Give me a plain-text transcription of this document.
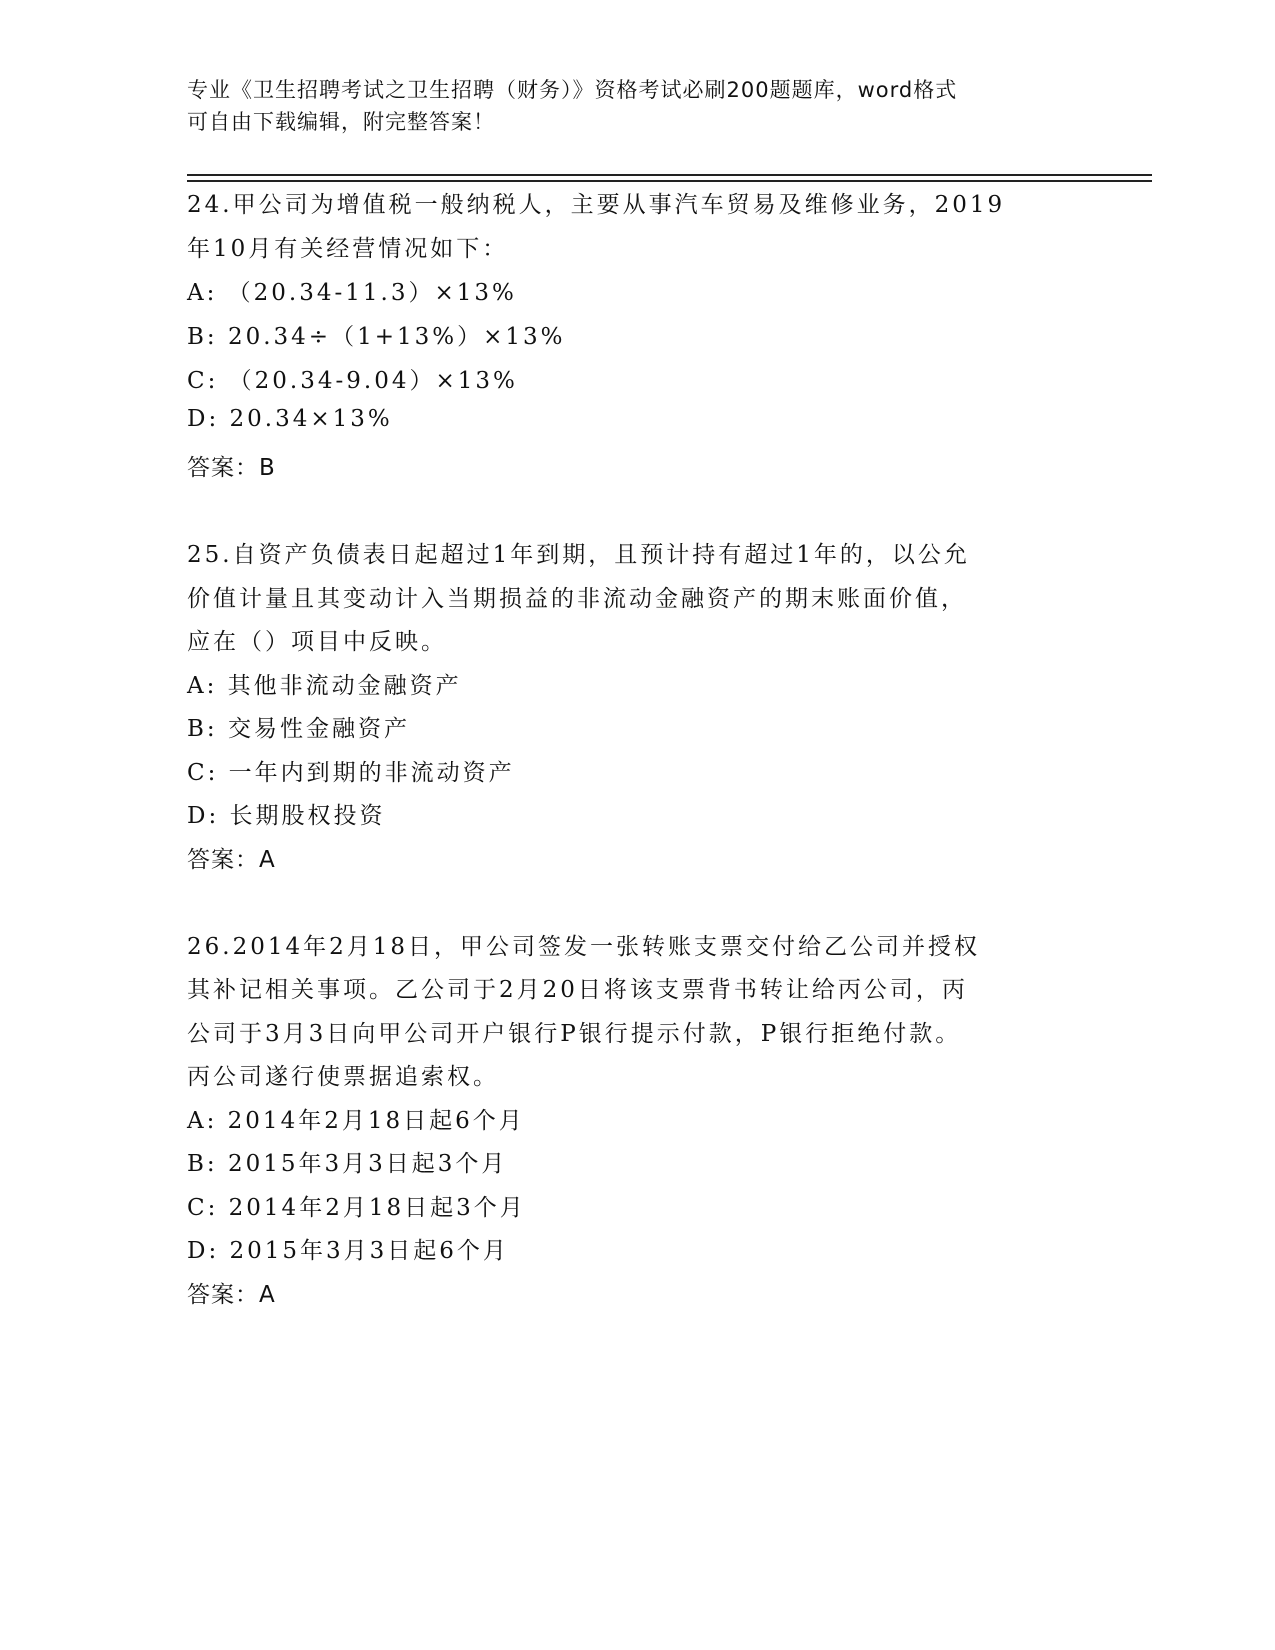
专业《卫生招聘考试之卫生招聘（财务）》资格考试必刷200题题库，word格式
可自由下载编辑，附完整答案！
24.甲公司为增值税一般纳税人，主要从事汽车贸易及维修业务，2019
年10月有关经营情况如下：
A: （20.34-11.3）×13%
B: 20.34÷（1+13%）×13%
C: （20.34-9.04）×13%
D: 20.34×13%
答案：B
25.自资产负债表日起超过1年到期，且预计持有超过1年的，以公允
价值计量且其变动计入当期损益的非流动金融资产的期末账面价值，
应在（）项目中反映。
A: 其他非流动金融资产
B: 交易性金融资产
C: 一年内到期的非流动资产
D: 长期股权投资
答案：A
26.2014年2月18日，甲公司签发一张转账支票交付给乙公司并授权
其补记相关事项。乙公司于2月20日将该支票背书转让给丙公司，丙
公司于3月3日向甲公司开户银行P银行提示付款，P银行拒绝付款。
丙公司遂行使票据追索权。
A: 2014年2月18日起6个月
B: 2015年3月3日起3个月
C: 2014年2月18日起3个月
D: 2015年3月3日起6个月
答案：A
